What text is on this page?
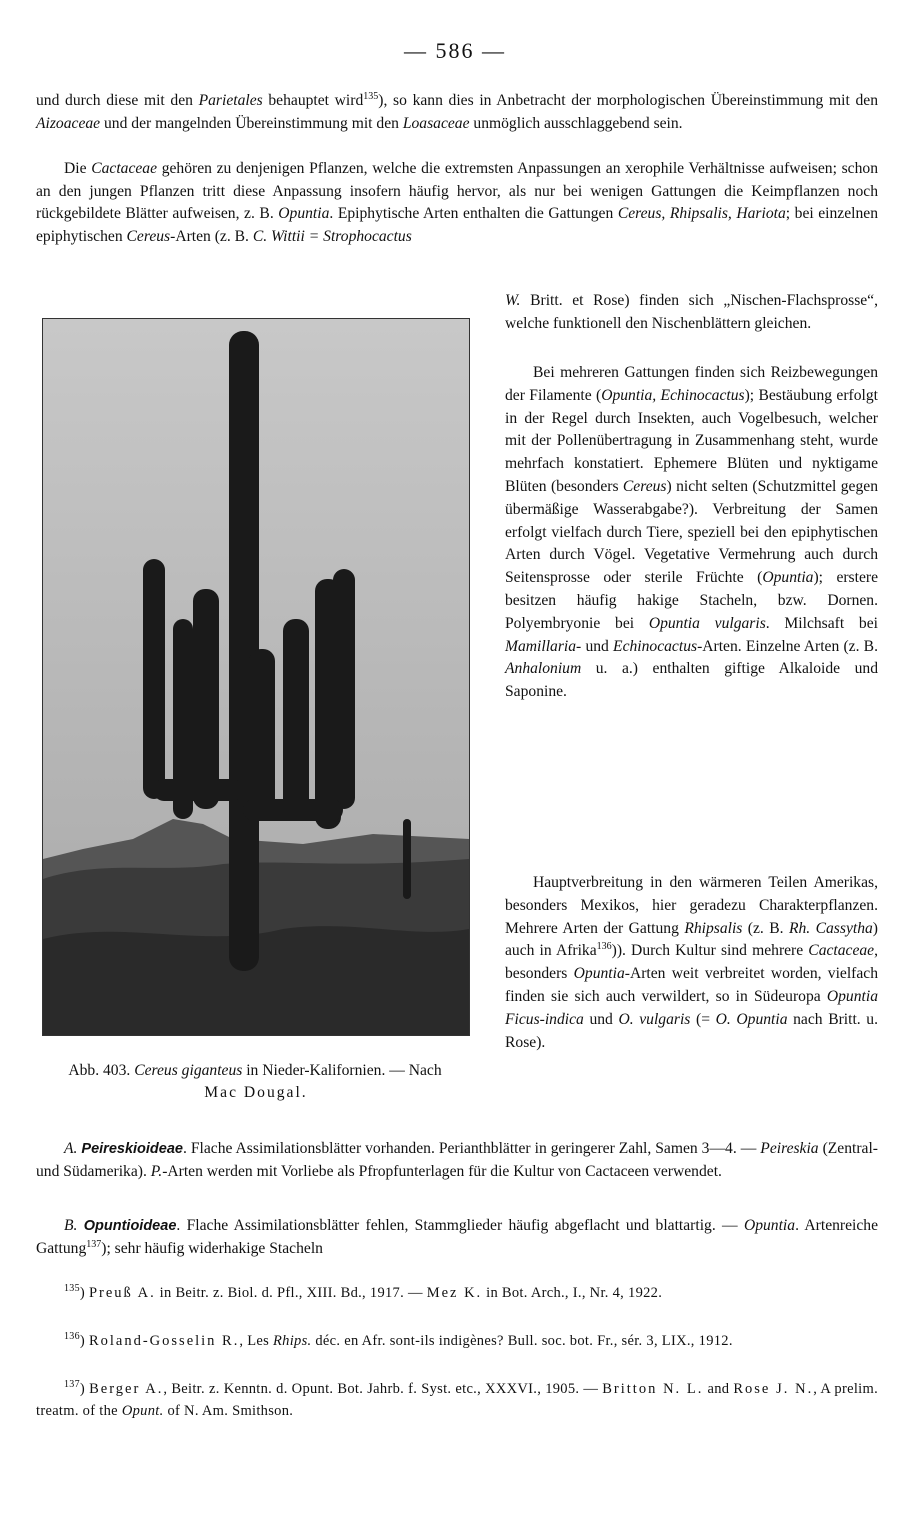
— 586 —
und durch diese mit den Parietales behauptet wird$^{135}$), so kann dies in Anbetracht der morphologischen Übereinstimmung mit den Aizoaceae und der mangelnden Übereinstimmung mit den Loasaceae unmöglich ausschlaggebend sein.
Die Cactaceae gehören zu denjenigen Pflanzen, welche die extremsten Anpassungen an xerophile Verhältnisse aufweisen; schon an den jungen Pflanzen tritt diese Anpassung insofern häufig hervor, als nur bei wenigen Gattungen die Keimpflanzen noch rückgebildete Blätter aufweisen, z. B. Opuntia. Epiphytische Arten enthalten die Gattungen Cereus, Rhipsalis, Hariota; bei einzelnen epiphytischen Cereus-Arten (z. B. C. Wittii = Strophocactus
W. Britt. et Rose) finden sich „Nischen-Flachsprosse“, welche funktionell den Nischenblättern gleichen.
Bei mehreren Gattungen finden sich Reizbewegungen der Filamente (Opuntia, Echinocactus); Bestäubung erfolgt in der Regel durch Insekten, auch Vogelbesuch, welcher mit der Pollenübertragung in Zusammenhang steht, wurde mehrfach konstatiert. Ephemere Blüten und nyktigame Blüten (besonders Cereus) nicht selten (Schutzmittel gegen übermäßige Wasserabgabe?). Verbreitung der Samen erfolgt vielfach durch Tiere, speziell bei den epiphytischen Arten durch Vögel. Vegetative Vermehrung auch durch Seitensprosse oder sterile Früchte (Opuntia); erstere besitzen häufig hakige Stacheln, bzw. Dornen. Polyembryonie bei Opuntia vulgaris. Milchsaft bei Mamillaria- und Echinocactus-Arten. Einzelne Arten (z. B. Anhalonium u. a.) enthalten giftige Alkaloide und Saponine.
Hauptverbreitung in den wärmeren Teilen Amerikas, besonders Mexikos, hier geradezu Charakterpflanzen. Mehrere Arten der Gattung Rhipsalis (z. B. Rh. Cassytha) auch in Afrika$^{136}$)). Durch Kultur sind mehrere Cactaceae, besonders Opuntia-Arten weit verbreitet worden, vielfach finden sie sich auch verwildert, so in Südeuropa Opuntia Ficus-indica und O. vulgaris (= O. Opuntia nach Britt. u. Rose).
Abb. 403. Cereus giganteus in Nieder-Kalifornien. — Nach Mac Dougal.
A. Peireskioideae. Flache Assimilationsblätter vorhanden. Perianthblätter in geringerer Zahl, Samen 3—4. — Peireskia (Zentral- und Südamerika). P.-Arten werden mit Vorliebe als Pfropfunterlagen für die Kultur von Cactaceen verwendet.
B. Opuntioideae. Flache Assimilationsblätter fehlen, Stammglieder häufig abgeflacht und blattartig. — Opuntia. Artenreiche Gattung$^{137}$); sehr häufig widerhakige Stacheln
$^{135}$) Preuß A. in Beitr. z. Biol. d. Pfl., XIII. Bd., 1917. — Mez K. in Bot. Arch., I., Nr. 4, 1922.
$^{136}$) Roland-Gosselin R., Les Rhips. déc. en Afr. sont-ils indigènes? Bull. soc. bot. Fr., sér. 3, LIX., 1912.
$^{137}$) Berger A., Beitr. z. Kenntn. d. Opunt. Bot. Jahrb. f. Syst. etc., XXXVI., 1905. — Britton N. L. and Rose J. N., A prelim. treatm. of the Opunt. of N. Am. Smithson.
